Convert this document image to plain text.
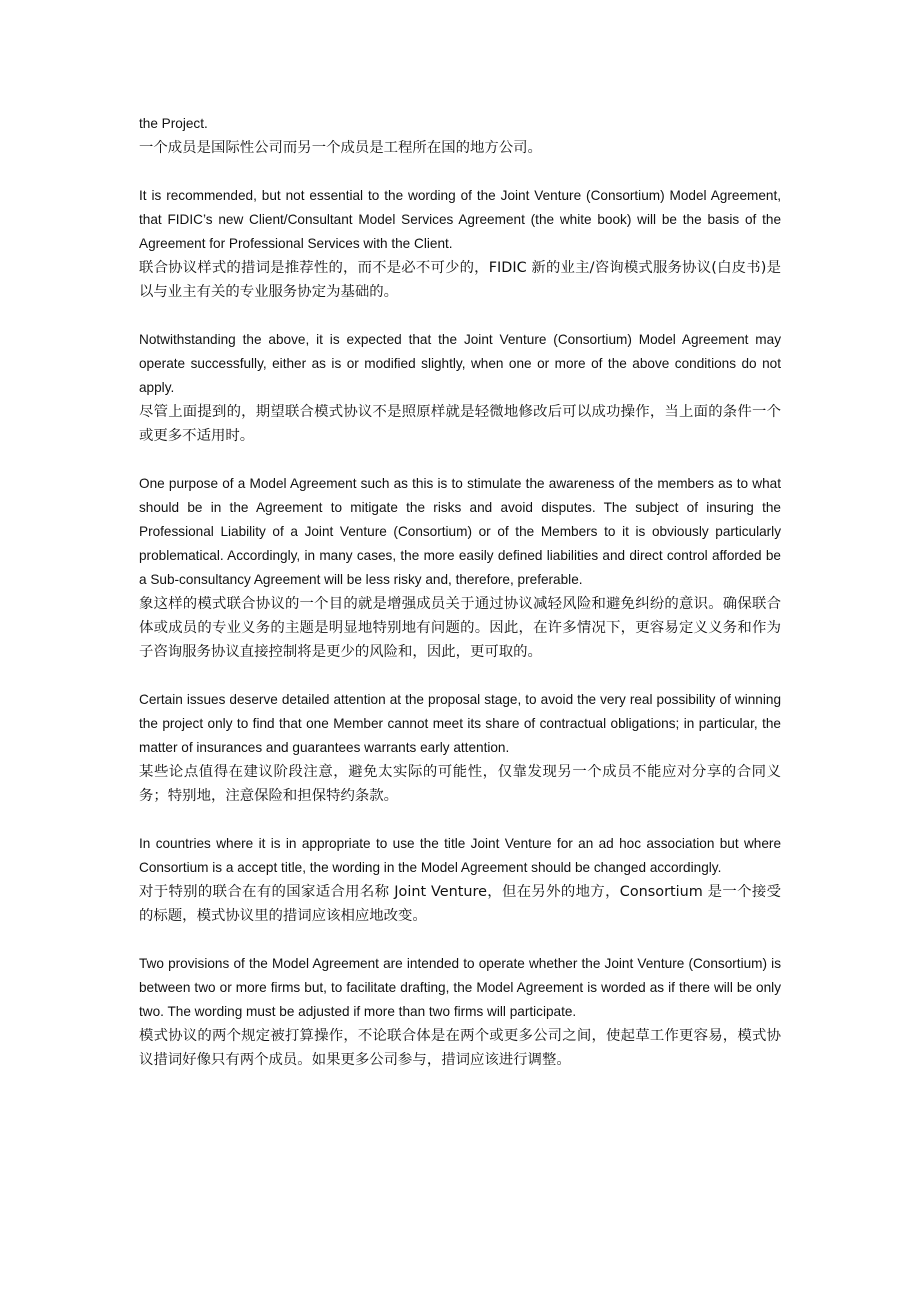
the Project.

一个成员是国际性公司而另一个成员是工程所在国的地方公司。

It is recommended, but not essential to the wording of the Joint Venture (Consortium) Model Agreement, that FIDIC’s new Client/Consultant Model Services Agreement (the white book) will be the basis of the Agreement for Professional Services with the Client.

联合协议样式的措词是推荐性的，而不是必不可少的，FIDIC 新的业主/咨询模式服务协议(白皮书)是以与业主有关的专业服务协定为基础的。

Notwithstanding the above, it is expected that the Joint Venture (Consortium) Model Agreement may operate successfully, either as is or modified slightly, when one or more of the above conditions do not apply.

尽管上面提到的，期望联合模式协议不是照原样就是轻微地修改后可以成功操作，当上面的条件一个或更多不适用时。

One purpose of a Model Agreement such as this is to stimulate the awareness of the members as to what should be in the Agreement to mitigate the risks and avoid disputes. The subject of insuring the Professional Liability of a Joint Venture (Consortium) or of the Members to it is obviously particularly problematical. Accordingly, in many cases, the more easily defined liabilities and direct control afforded be a Sub-consultancy Agreement will be less risky and, therefore, preferable.

象这样的模式联合协议的一个目的就是增强成员关于通过协议减轻风险和避免纠纷的意识。确保联合体或成员的专业义务的主题是明显地特别地有问题的。因此，在许多情况下，更容易定义义务和作为子咨询服务协议直接控制将是更少的风险和，因此，更可取的。

Certain issues deserve detailed attention at the proposal stage, to avoid the very real possibility of winning the project only to find that one Member cannot meet its share of contractual obligations; in particular, the matter of insurances and guarantees warrants early attention.

某些论点值得在建议阶段注意，避免太实际的可能性，仅靠发现另一个成员不能应对分享的合同义务；特别地，注意保险和担保特约条款。

In countries where it is in appropriate to use the title Joint Venture for an ad hoc association but where Consortium is a accept title, the wording in the Model Agreement should be changed accordingly.

对于特别的联合在有的国家适合用名称 Joint Venture，但在另外的地方，Consortium 是一个接受的标题，模式协议里的措词应该相应地改变。

Two provisions of the Model Agreement are intended to operate whether the Joint Venture (Consortium) is between two or more firms but, to facilitate drafting, the Model Agreement is worded as if there will be only two. The wording must be adjusted if more than two firms will participate.

模式协议的两个规定被打算操作，不论联合体是在两个或更多公司之间，使起草工作更容易，模式协议措词好像只有两个成员。如果更多公司参与，措词应该进行调整。
